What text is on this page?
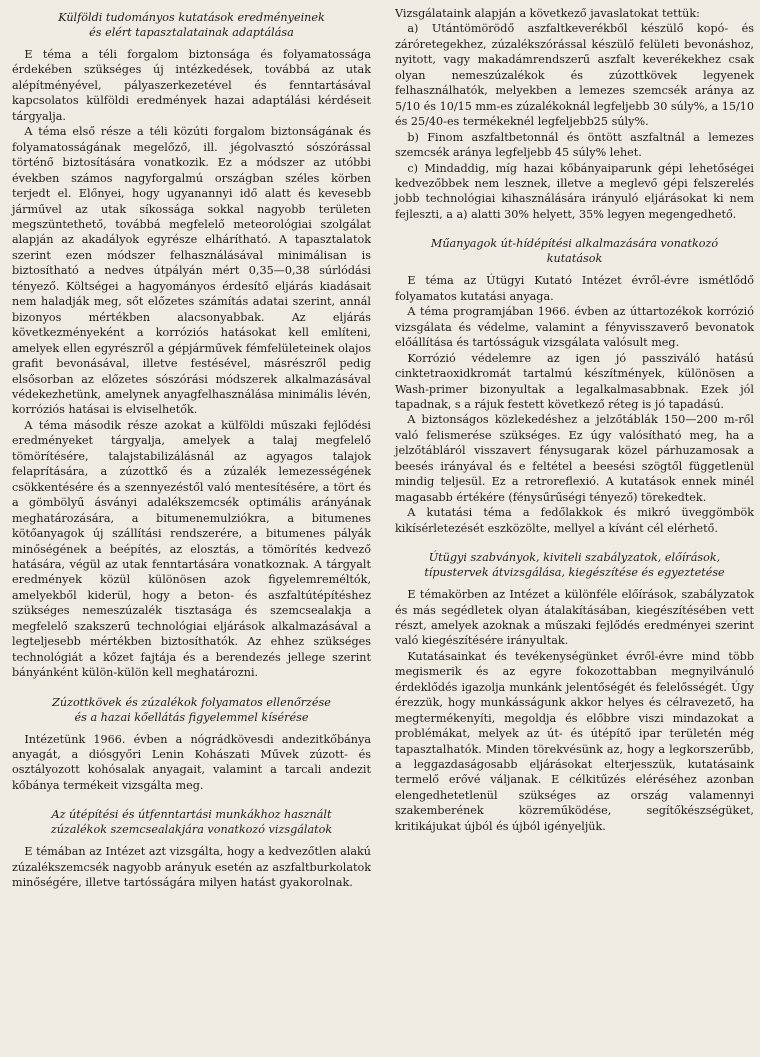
Külföldi tudományos kutatások eredményeinek
és elért tapasztalatainak adaptálása

E téma a téli forgalom biztonsága és folyamatossága érdekében szükséges új intézkedések, továbbá az utak alépítményével, pályaszerkezetével és fenntartásával kapcsolatos külföldi eredmények hazai adaptálási kérdéseit tárgyalja.

A téma első része a téli közúti forgalom biztonságának és folyamatosságának megelőző, ill. jégolvasztó sószórással történő biztosítására vonatkozik. Ez a módszer az utóbbi években számos nagyforgalmú országban széles körben terjedt el. Előnyei, hogy ugyanannyi idő alatt és kevesebb járművel az utak síkossága sokkal nagyobb területen megszüntethető, továbbá megfelelő meteorológiai szolgálat alapján az akadályok egyrésze elhárítható. A tapasztalatok szerint ezen módszer felhasználásával minimálisan is biztosítható a nedves útpályán mért 0,35—0,38 súrlódási tényező. Költségei a hagyományos érdesítő eljárás kiadásait nem haladják meg, sőt előzetes számítás adatai szerint, annál bizonyos mértékben alacsonyabbak. Az eljárás következményeként a korróziós hatásokat kell említeni, amelyek ellen egyrészről a gépjárművek fémfelületeinek olajos grafit bevonásával, illetve festésével, másrészről pedig elsősorban az előzetes sószórási módszerek alkalmazásával védekezhetünk, amelynek anyagfelhasználása minimális lévén, korróziós hatásai is elviselhetők.

A téma második része azokat a külföldi műszaki fejlődési eredményeket tárgyalja, amelyek a talaj megfelelő tömörítésére, talajstabilizálásnál az agyagos talajok felaprítására, a zúzottkő és a zúzalék lemezességének csökkentésére és a szennyezéstől való mentesítésére, a tört és a gömbölyű ásványi adalékszemcsék optimális arányának meghatározására, a bitumenemulziókra, a bitumenes kötőanyagok új szállítási rendszerére, a bitumenes pályák minőségének a beépítés, az elosztás, a tömörítés kedvező hatására, végül az utak fenntartására vonatkoznak. A tárgyalt eredmények közül különösen azok figyelemreméltók, amelyekből kiderül, hogy a beton- és aszfaltútépítéshez szükséges nemeszúzalék tisztasága és szemcsealakja a megfelelő szakszerű technológiai eljárások alkalmazásával a legteljesebb mértékben biztosíthatók. Az ehhez szükséges technológiát a kőzet fajtája és a berendezés jellege szerint bányánként külön-külön kell meghatározni.

Zúzottkövek és zúzalékok folyamatos ellenőrzése
és a hazai kőellátás figyelemmel kísérése

Intézetünk 1966. évben a nógrádkövesdi andezitkőbánya anyagát, a diósgyőri Lenin Kohászati Művek zúzott- és osztályozott kohósalak anyagait, valamint a tarcali andezit kőbánya termékeit vizsgálta meg.

Az útépítési és útfenntartási munkákhoz használt
zúzalékok szemcsealakjára vonatkozó vizsgálatok

E témában az Intézet azt vizsgálta, hogy a kedvezőtlen alakú zúzalékszemcsék nagyobb arányuk esetén az aszfaltburkolatok minőségére, illetve tartósságára milyen hatást gyakorolnak.

Vizsgálataink alapján a következő javaslatokat tettük:

a) Utántömörödő aszfaltkeverékből készülő kopó- és záróretegekhez, zúzalékszórással készülő felületi bevonáshoz, nyitott, vagy makadámrendszerű aszfalt keverékekhez csak olyan nemeszúzalékok és zúzottkövek legyenek felhasználhatók, melyekben a lemezes szemcsék aránya az 5/10 és 10/15 mm-es zúzalékoknál legfeljebb 30 súly%, a 15/10 és 25/40-es termékeknél legfeljebb25 súly%.

b) Finom aszfaltbetonnál és öntött aszfaltnál a lemezes szemcsék aránya legfeljebb 45 súly% lehet.

c) Mindaddig, míg hazai kőbányaiparunk gépi lehetőségei kedvezőbbek nem lesznek, illetve a meglevő gépi felszerelés jobb technológiai kihasználására irányuló eljárásokat ki nem fejleszti, a a) alatti 30% helyett, 35% legyen megengedhető.

Műanyagok út-hídépítési alkalmazására vonatkozó
kutatások

E téma az Útügyi Kutató Intézet évről-évre ismétlődő folyamatos kutatási anyaga.

A téma programjában 1966. évben az úttartozékok korrózió vizsgálata és védelme, valamint a fényvisszaverő bevonatok előállítása és tartósságuk vizsgálata valósult meg.

Korrózió védelemre az igen jó passziváló hatású cinktetraoxidkromát tartalmú készítmények, különösen a Wash-primer bizonyultak a legalkalmasabbnak. Ezek jól tapadnak, s a rájuk festett következő réteg is jó tapadású.

A biztonságos közlekedéshez a jelzőtáblák 150—200 m-ről való felismerése szükséges. Ez úgy valósítható meg, ha a jelzőtábláról visszavert fénysugarak közel párhuzamosak a beesés irányával és e feltétel a beesési szögtől függetlenül mindig teljesül. Ez a retroreflexió. A kutatások ennek minél magasabb értékére (fénysűrűségi tényező) törekedtek.

A kutatási téma a fedőlakkok és mikró üveggömbök kikísérletezését eszközölte, mellyel a kívánt cél elérhető.

Útügyi szabványok, kiviteli szabályzatok, előírások,
típustervek átvizsgálása, kiegészítése és egyeztetése

E témakörben az Intézet a különféle előírások, szabályzatok és más segédletek olyan átalakításában, kiegészítésében vett részt, amelyek azoknak a műszaki fejlődés eredményei szerint való kiegészítésére irányultak.

Kutatásainkat és tevékenységünket évről-évre mind több megismerik és az egyre fokozottabban megnyilvánuló érdeklődés igazolja munkánk jelentőségét és felelősségét. Úgy érezzük, hogy munkásságunk akkor helyes és célravezető, ha megtermékenyíti, megoldja és előbbre viszi mindazokat a problémákat, melyek az út- és útépítő ipar területén még tapasztalhatók. Minden törekvésünk az, hogy a legkorszerűbb, a leggazdaságosabb eljárásokat elterjesszük, kutatásaink termelő erővé váljanak. E célkitűzés eléréséhez azonban elengedhetetlenül szükséges az ország valamennyi szakemberének közreműködése, segítőkészségüket, kritikájukat újból és újból igényeljük.
